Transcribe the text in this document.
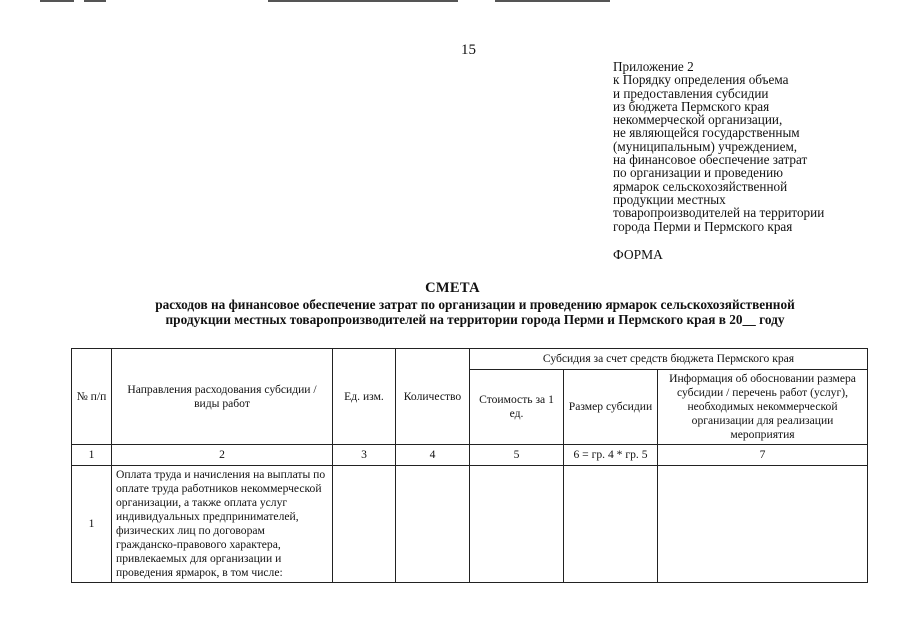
15
Приложение 2
к Порядку определения объема
и предоставления субсидии
из бюджета Пермского края
некоммерческой организации,
не являющейся государственным
(муниципальным) учреждением,
на финансовое обеспечение затрат
по организации и проведению
ярмарок сельскохозяйственной
продукции местных
товаропроизводителей на территории
города Перми и Пермского края
ФОРМА
СМЕТА
расходов на финансовое обеспечение затрат по организации и проведению ярмарок сельскохозяйственной
продукции местных товаропроизводителей на территории города Перми и Пермского края в 20__ году
№ п/п	Направления расходования субсидии / виды работ	Ед. изм.	Количество	Субсидия за счет средств бюджета Пермского края		
				Стоимость за 1 ед.	Размер субсидии	Информация об обосновании размера субсидии / перечень работ (услуг), необходимых некоммерческой организации для реализации мероприятия
1	2	3	4	5	6 = гр. 4 * гр. 5	7
1	Оплата труда и начисления на выплаты по оплате труда работников некоммерческой организации, а также оплата услуг индивидуальных предпринимателей, физических лиц по договорам гражданско-правового характера, привлекаемых для организации и проведения ярмарок, в том числе:					
